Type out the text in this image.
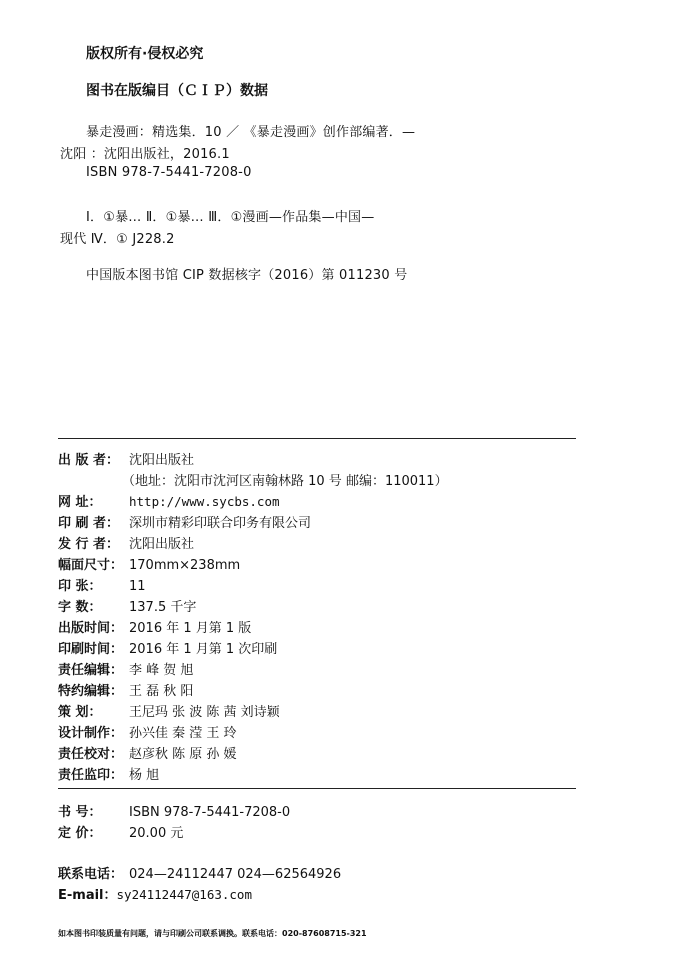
版权所有·侵权必究
图书在版编目（ＣＩＰ）数据
暴走漫画：精选集．10 ／ 《暴走漫画》创作部编著．—
沈阳 ：沈阳出版社，2016.1
ISBN 978-7-5441-7208-0
Ⅰ．①暴… Ⅱ．①暴… Ⅲ．①漫画—作品集—中国—
现代 Ⅳ．① J228.2
中国版本图书馆 CIP 数据核字（2016）第 011230 号
出 版 者： 沈阳出版社
（地址：沈阳市沈河区南翰林路 10 号 邮编：110011）
网 址：	http://www.sycbs.com
印 刷 者： 深圳市精彩印联合印务有限公司
发 行 者： 沈阳出版社
幅面尺寸： 170mm×238mm
印 张：	11
字 数：	137.5 千字
出版时间： 2016 年 1 月第 1 版
印刷时间： 2016 年 1 月第 1 次印刷
责任编辑： 李 峰 贺 旭
特约编辑： 王 磊 秋 阳
策 划：	王尼玛 张 波 陈 茜 刘诗颖
设计制作： 孙兴佳 秦 滢 王 玲
责任校对： 赵彦秋 陈 原 孙 媛
责任监印： 杨 旭
书 号：	ISBN 978-7-5441-7208-0
定 价：	20.00 元
联系电话： 024—24112447 024—62564926
E-mail： sy24112447@163.com
如本图书印装质量有问题，请与印刷公司联系调换。联系电话：020-87608715-321
